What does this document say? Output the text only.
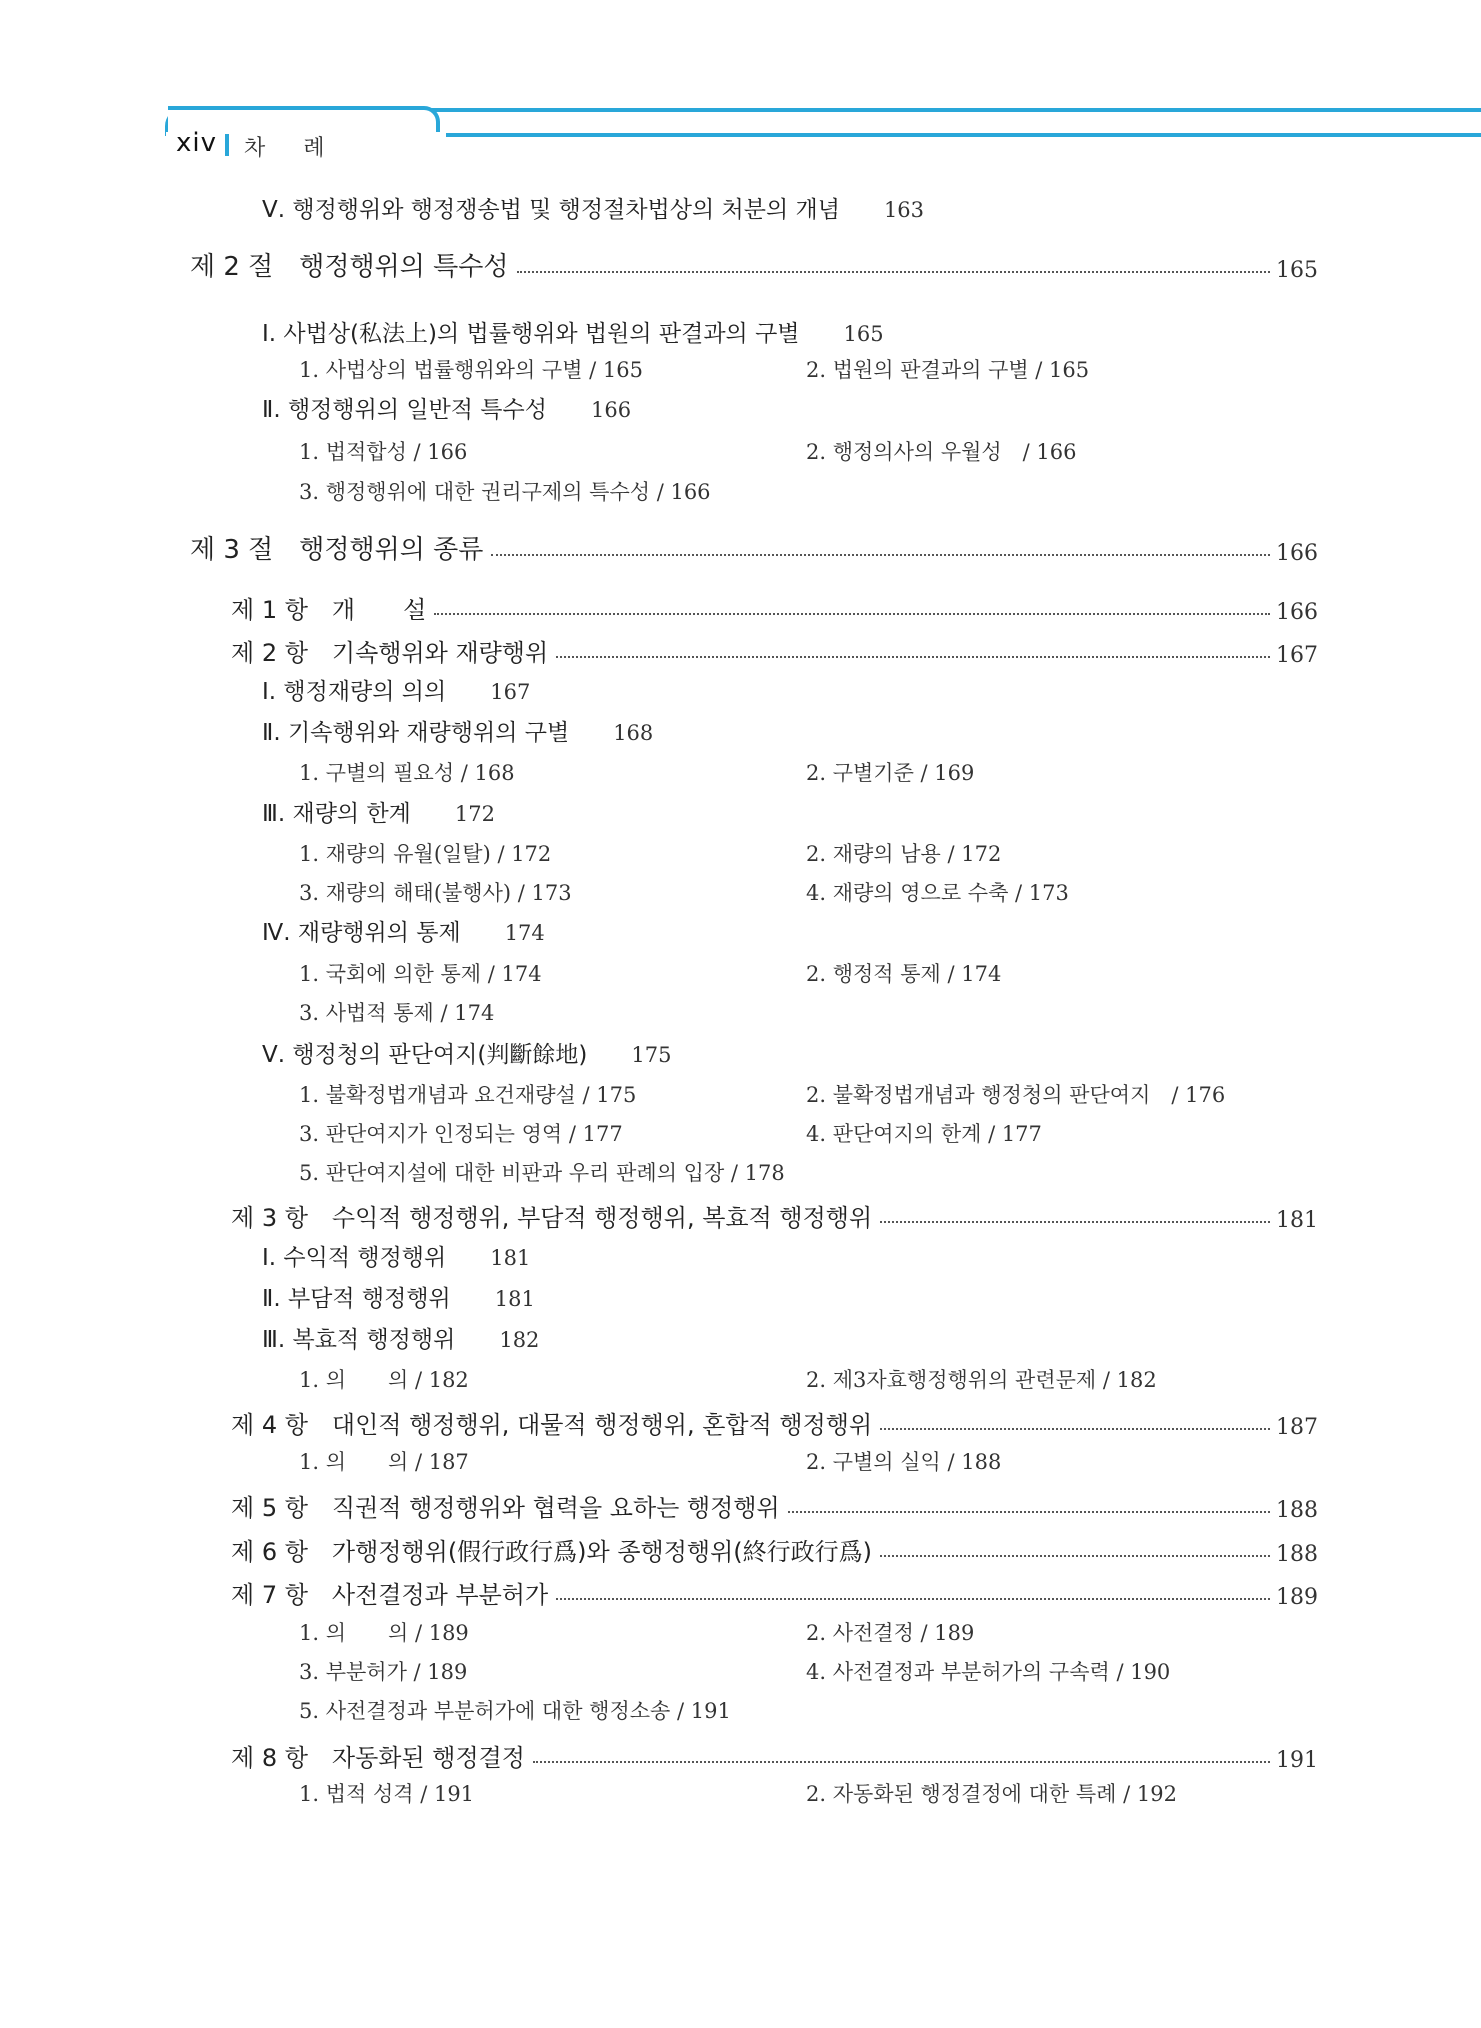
xiv 차례
Ⅴ. 행정행위와 행정쟁송법 및 행정절차법상의 처분의 개념 163
제 2 절　행정행위의 특수성	165
Ⅰ. 사법상(私法上)의 법률행위와 법원의 판결과의 구별 165
1. 사법상의 법률행위와의 구별 / 165	2. 법원의 판결과의 구별 / 165
Ⅱ. 행정행위의 일반적 특수성 166
1. 법적합성 / 166	2. 행정의사의 우월성　/ 166
3. 행정행위에 대한 권리구제의 특수성 / 166
제 3 절　행정행위의 종류	166
제 1 항　개　　설	166
제 2 항　기속행위와 재량행위	167
Ⅰ. 행정재량의 의의 167
Ⅱ. 기속행위와 재량행위의 구별 168
1. 구별의 필요성 / 168	2. 구별기준 / 169
Ⅲ. 재량의 한계 172
1. 재량의 유월(일탈) / 172	2. 재량의 남용 / 172
3. 재량의 해태(불행사) / 173	4. 재량의 영으로 수축 / 173
Ⅳ. 재량행위의 통제 174
1. 국회에 의한 통제 / 174	2. 행정적 통제 / 174
3. 사법적 통제 / 174
Ⅴ. 행정청의 판단여지(判斷餘地) 175
1. 불확정법개념과 요건재량설 / 175	2. 불확정법개념과 행정청의 판단여지　/ 176
3. 판단여지가 인정되는 영역 / 177	4. 판단여지의 한계 / 177
5. 판단여지설에 대한 비판과 우리 판례의 입장 / 178
제 3 항　수익적 행정행위, 부담적 행정행위, 복효적 행정행위	181
Ⅰ. 수익적 행정행위 181
Ⅱ. 부담적 행정행위 181
Ⅲ. 복효적 행정행위 182
1. 의　　의 / 182	2. 제3자효행정행위의 관련문제 / 182
제 4 항　대인적 행정행위, 대물적 행정행위, 혼합적 행정행위	187
1. 의　　의 / 187	2. 구별의 실익 / 188
제 5 항　직권적 행정행위와 협력을 요하는 행정행위	188
제 6 항　가행정행위(假行政行爲)와 종행정행위(終行政行爲)	188
제 7 항　사전결정과 부분허가	189
1. 의　　의 / 189	2. 사전결정 / 189
3. 부분허가 / 189	4. 사전결정과 부분허가의 구속력 / 190
5. 사전결정과 부분허가에 대한 행정소송 / 191
제 8 항　자동화된 행정결정	191
1. 법적 성격 / 191	2. 자동화된 행정결정에 대한 특례 / 192
